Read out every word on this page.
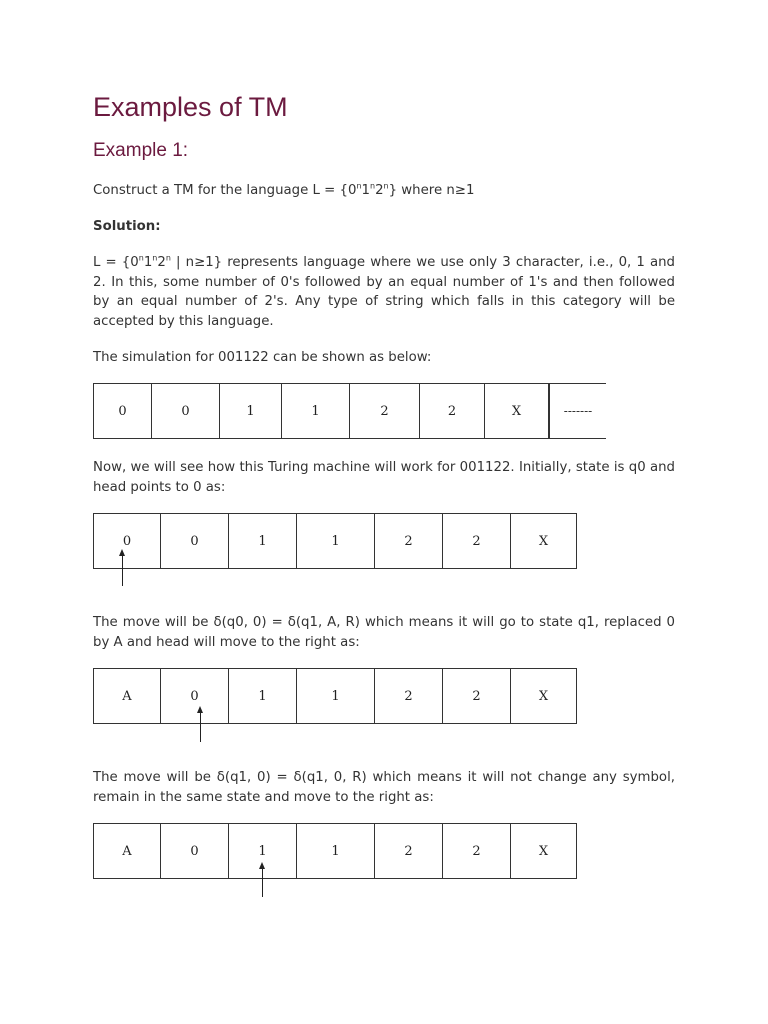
Examples of TM
Example 1:

Construct a TM for the language $L = \{0^n1^n2^n\}$ where n≥1

Solution:

$L = \{0^n1^n2^n$ | n≥1} represents language where we use only 3 character, i.e., 0, 1 and 2. In this, some number of 0's followed by an equal number of 1's and then followed by an equal number of 2's. Any type of string which falls in this category will be accepted by this language.

The simulation for 001122 can be shown as below:

Now, we will see how this Turing machine will work for 001122. Initially, state is q0 and head points to 0 as:

The move will be δ(q0, 0) = δ(q1, A, R) which means it will go to state q1, replaced 0 by A and head will move to the right as:

The move will be δ(q1, 0) = δ(q1, 0, R) which means it will not change any symbol, remain in the same state and move to the right as:

0	0	1	1	2	2	X	-------
0	0	1	1	2	2	X
A	0	1	1	2	2	X
A	0	1	1	2	2	X
